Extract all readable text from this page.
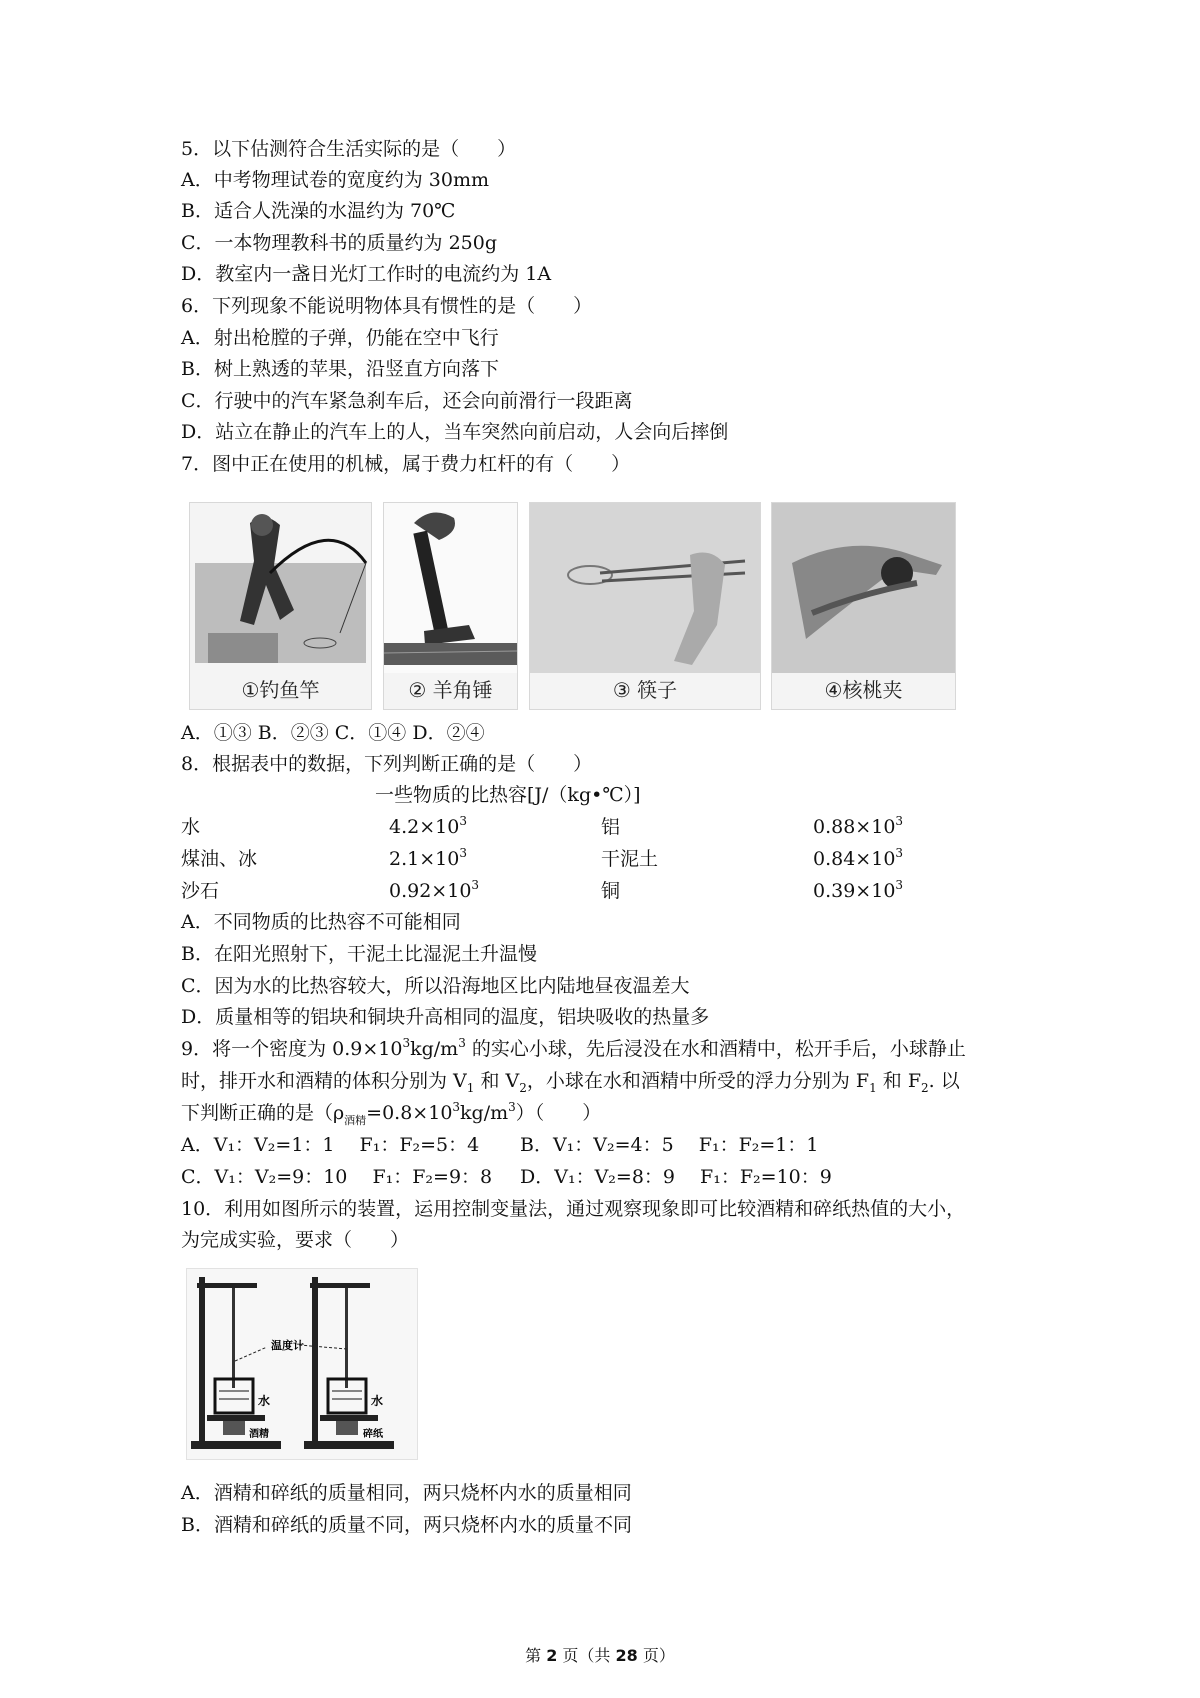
5．以下估测符合生活实际的是（　　）
A．中考物理试卷的宽度约为 30mm
B．适合人洗澡的水温约为 70℃
C．一本物理教科书的质量约为 250g
D．教室内一盏日光灯工作时的电流约为 1A
6．下列现象不能说明物体具有惯性的是（　　）
A．射出枪膛的子弹，仍能在空中飞行
B．树上熟透的苹果，沿竖直方向落下
C．行驶中的汽车紧急刹车后，还会向前滑行一段距离
D．站立在静止的汽车上的人，当车突然向前启动，人会向后摔倒
7．图中正在使用的机械，属于费力杠杆的有（　　）
①钓鱼竿	② 羊角锤	③ 筷子	④核桃夹
A．①③ B．②③ C．①④ D．②④
8．根据表中的数据，下列判断正确的是（　　）
一些物质的比热容[J/（kg•℃）]
水	$4.2\times 10^3$	铝	$0.88\times 10^3$
煤油、冰	$2.1\times 10^3$	干泥土	$0.84\times 10^3$
沙石	$0.92\times 10^3$	铜	$0.39\times 10^3$
A．不同物质的比热容不可能相同
B．在阳光照射下，干泥土比湿泥土升温慢
C．因为水的比热容较大，所以沿海地区比内陆地昼夜温差大
D．质量相等的铝块和铜块升高相同的温度，铝块吸收的热量多
9．将一个密度为 $0.9\times 10^3kg/m^3$ 的实心小球，先后浸没在水和酒精中，松开手后，小球静止
时，排开水和酒精的体积分别为 $V_1$ 和 $V_2$，小球在水和酒精中所受的浮力分别为 $F_1$ 和 $F_2$. 以
下判断正确的是$(\rho_{酒精}=0.8\times 10^3kg/m^3)$（　　）
A．V₁：V₂=1：1　 F₁：F₂=5：4 B．V₁：V₂=4：5　 F₁：F₂=1：1
C．V₁：V₂=9：10　 F₁：F₂=9：8 D．V₁：V₂=8：9　 F₁：F₂=10：9
10．利用如图所示的装置，运用控制变量法，通过观察现象即可比较酒精和碎纸热值的大小，
为完成实验，要求（　　）
温度计
水	水
酒精	碎纸
A．酒精和碎纸的质量相同，两只烧杯内水的质量相同
B．酒精和碎纸的质量不同，两只烧杯内水的质量不同
第 2 页（共 28 页）
